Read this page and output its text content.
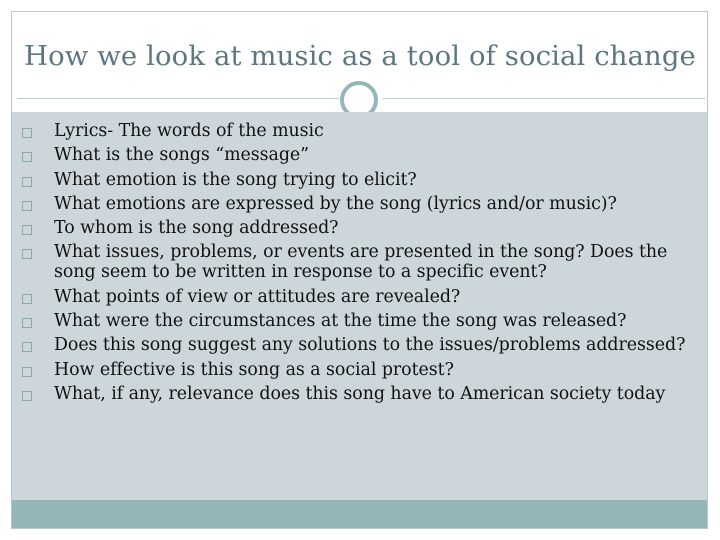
How we look at music as a tool of social change
Lyrics- The words of the music
What is the songs “message”
What emotion is the song trying to elicit?
What emotions are expressed by the song (lyrics and/or music)?
To whom is the song addressed?
What issues, problems, or events are presented in the song? Does the song seem to be written in response to a specific event?
What points of view or attitudes are revealed?
What were the circumstances at the time the song was released?
Does this song suggest any solutions to the issues/problems addressed?
How effective is this song as a social protest?
What, if any, relevance does this song have to American society today
